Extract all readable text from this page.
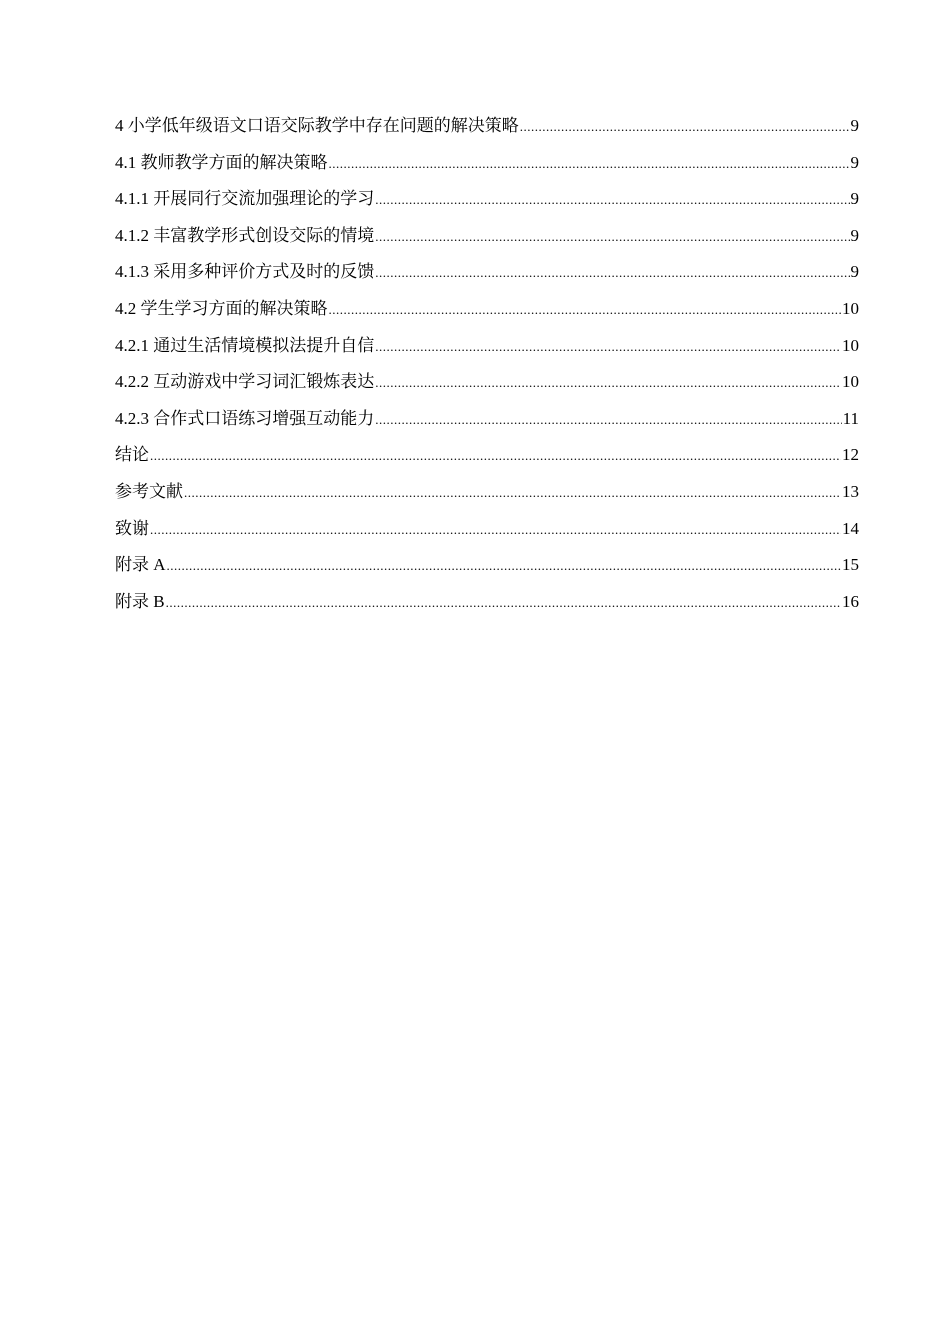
4 小学低年级语文口语交际教学中存在问题的解决策略 .....	9
4.1 教师教学方面的解决策略 .....	9
4.1.1 开展同行交流加强理论的学习 .....	9
4.1.2 丰富教学形式创设交际的情境 .....	9
4.1.3 采用多种评价方式及时的反馈 .....	9
4.2 学生学习方面的解决策略 .....	10
4.2.1 通过生活情境模拟法提升自信 .....	10
4.2.2 互动游戏中学习词汇锻炼表达 .....	10
4.2.3 合作式口语练习增强互动能力 .....	11
结论 .....	12
参考文献 .....	13
致谢 .....	14
附录 A .....	15
附录 B .....	16
